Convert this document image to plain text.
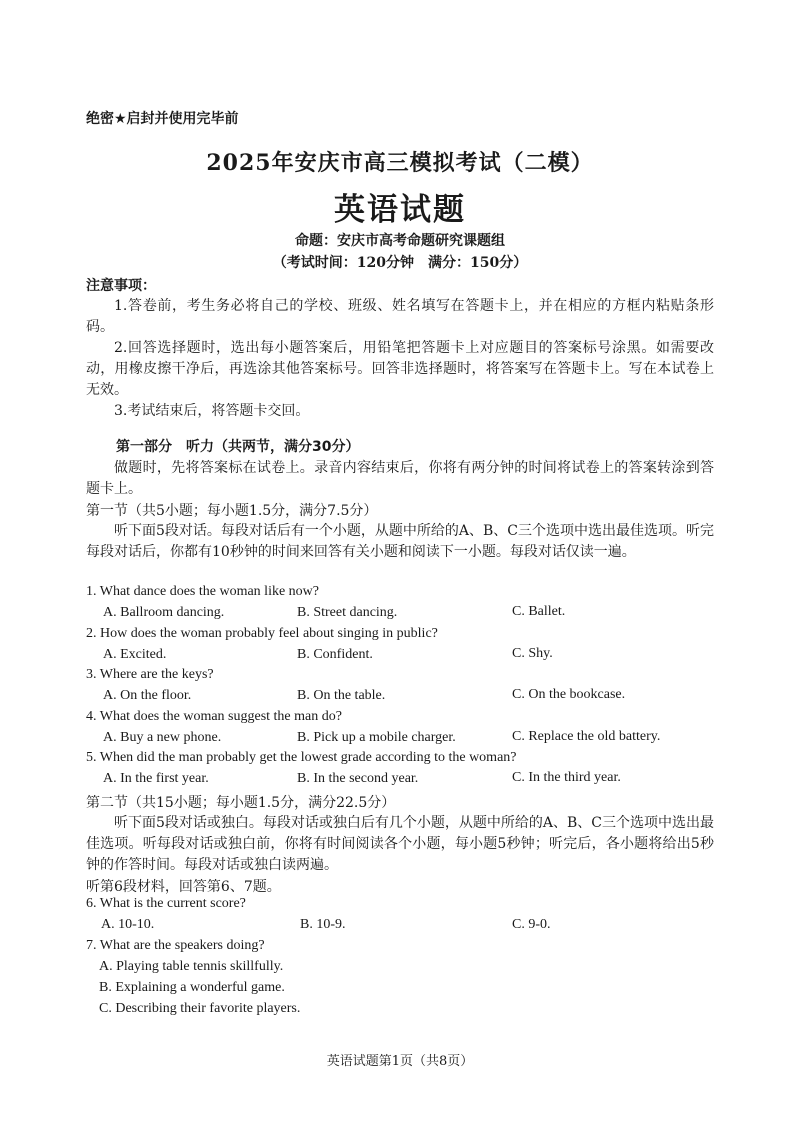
绝密★启封并使用完毕前
2025年安庆市高三模拟考试（二模）
英语试题
命题：安庆市高考命题研究课题组
（考试时间：120分钟　满分：150分）
注意事项：
1.答卷前，考生务必将自己的学校、班级、姓名填写在答题卡上，并在相应的方框内粘贴条形码。
2.回答选择题时，选出每小题答案后，用铅笔把答题卡上对应题目的答案标号涂黑。如需要改动，用橡皮擦干净后，再选涂其他答案标号。回答非选择题时，将答案写在答题卡上。写在本试卷上无效。
3.考试结束后，将答题卡交回。
第一部分　听力（共两节，满分30分）
做题时，先将答案标在试卷上。录音内容结束后，你将有两分钟的时间将试卷上的答案转涂到答题卡上。
第一节（共5小题；每小题1.5分，满分7.5分）
听下面5段对话。每段对话后有一个小题，从题中所给的A、B、C三个选项中选出最佳选项。听完每段对话后，你都有10秒钟的时间来回答有关小题和阅读下一小题。每段对话仅读一遍。
1. What dance does the woman like now?
A. Ballroom dancing.	B. Street dancing.	C. Ballet.
2. How does the woman probably feel about singing in public?
A. Excited.	B. Confident.	C. Shy.
3. Where are the keys?
A. On the floor.	B. On the table.	C. On the bookcase.
4. What does the woman suggest the man do?
A. Buy a new phone.	B. Pick up a mobile charger.	C. Replace the old battery.
5. When did the man probably get the lowest grade according to the woman?
A. In the first year.	B. In the second year.	C. In the third year.
第二节（共15小题；每小题1.5分，满分22.5分）
听下面5段对话或独白。每段对话或独白后有几个小题，从题中所给的A、B、C三个选项中选出最佳选项。听每段对话或独白前，你将有时间阅读各个小题，每小题5秒钟；听完后，各小题将给出5秒钟的作答时间。每段对话或独白读两遍。
听第6段材料，回答第6、7题。
6. What is the current score?
A. 10-10.	B. 10-9.	C. 9-0.
7. What are the speakers doing?
A. Playing table tennis skillfully.
B. Explaining a wonderful game.
C. Describing their favorite players.
英语试题第1页（共8页）
